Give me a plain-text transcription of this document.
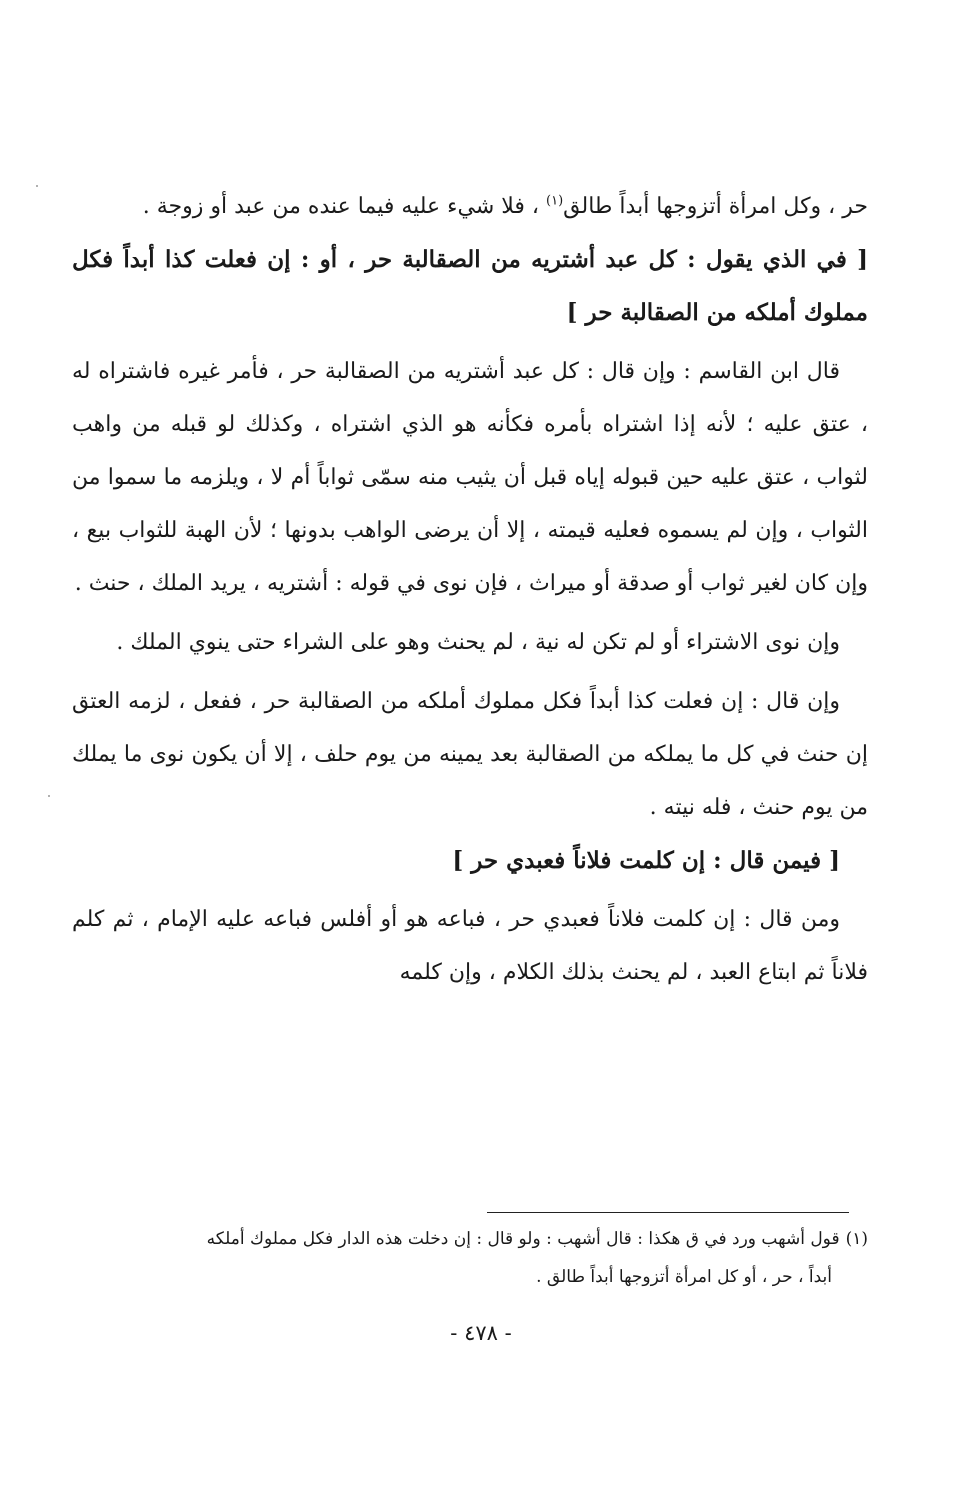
حر ، وكل امرأة أتزوجها أبداً طالق$^{(١)}$ ، فلا شيء عليه فيما عنده من عبد أو زوجة .

[ في الذي يقول : كل عبد أشتريه من الصقالبة حر ، أو : إن فعلت كذا أبداً فكل مملوك أملكه من الصقالبة حر ]

قال ابن القاسم : وإن قال : كل عبد أشتريه من الصقالبة حر ، فأمر غيره فاشتراه له ، عتق عليه ؛ لأنه إذا اشتراه بأمره فكأنه هو الذي اشتراه ، وكذلك لو قبله من واهب لثواب ، عتق عليه حين قبوله إياه قبل أن يثيب منه سمّى ثواباً أم لا ، ويلزمه ما سموا من الثواب ، وإن لم يسموه فعليه قيمته ، إلا أن يرضى الواهب بدونها ؛ لأن الهبة للثواب بيع ، وإن كان لغير ثواب أو صدقة أو ميراث ، فإن نوى في قوله : أشتريه ، يريد الملك ، حنث .

وإن نوى الاشتراء أو لم تكن له نية ، لم يحنث وهو على الشراء حتى ينوي الملك .

وإن قال : إن فعلت كذا أبداً فكل مملوك أملكه من الصقالبة حر ، ففعل ، لزمه العتق إن حنث في كل ما يملكه من الصقالبة بعد يمينه من يوم حلف ، إلا أن يكون نوى ما يملك من يوم حنث ، فله نيته .

[ فيمن قال : إن كلمت فلاناً فعبدي حر ]

ومن قال : إن كلمت فلاناً فعبدي حر ، فباعه هو أو أفلس فباعه عليه الإمام ، ثم كلم فلاناً ثم ابتاع العبد ، لم يحنث بذلك الكلام ، وإن كلمه

(١)قول أشهب ورد في ق هكذا : قال أشهب : ولو قال : إن دخلت هذه الدار فكل مملوك أملكه

أبداً ، حر ، أو كل امرأة أتزوجها أبداً طالق .

- ٤٧٨ -
